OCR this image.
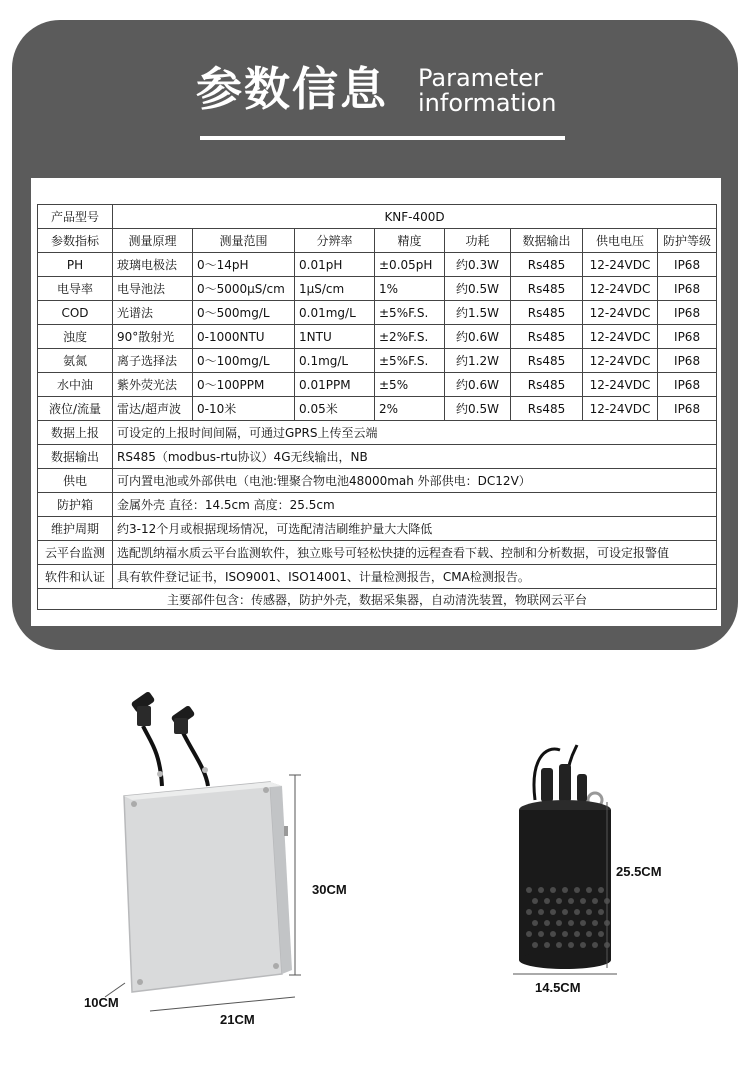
参数信息 Parameter
information
产品型号	KNF-400D							
参数指标	测量原理	测量范围	分辨率	精度	功耗	数据输出	供电电压	防护等级
PH	玻璃电极法	0～14pH	0.01pH	±0.05pH	约0.3W	Rs485	12-24VDC	IP68
电导率	电导池法	0～5000μS/cm	1μS/cm	1%	约0.5W	Rs485	12-24VDC	IP68
COD	光谱法	0～500mg/L	0.01mg/L	±5%F.S.	约1.5W	Rs485	12-24VDC	IP68
浊度	90°散射光	0-1000NTU	1NTU	±2%F.S.	约0.6W	Rs485	12-24VDC	IP68
氨氮	离子选择法	0～100mg/L	0.1mg/L	±5%F.S.	约1.2W	Rs485	12-24VDC	IP68
水中油	紫外荧光法	0～100PPM	0.01PPM	±5%	约0.6W	Rs485	12-24VDC	IP68
液位/流量	雷达/超声波	0-10米	0.05米	2%	约0.5W	Rs485	12-24VDC	IP68
数据上报	可设定的上报时间间隔，可通过GPRS上传至云端							
数据输出	RS485（modbus-rtu协议）4G无线输出，NB							
供电	可内置电池或外部供电（电池:锂聚合物电池48000mah 外部供电：DC12V）							
防护箱	金属外壳 直径：14.5cm 高度：25.5cm							
维护周期	约3-12个月或根据现场情况，可选配清洁刷维护量大大降低							
云平台监测	选配凯纳福水质云平台监测软件，独立账号可轻松快捷的远程查看下载、控制和分析数据，可设定报警值							
软件和认证	具有软件登记证书，ISO9001、ISO14001、计量检测报告，CMA检测报告。							
主要部件包含：传感器，防护外壳，数据采集器，自动清洗装置，物联网云平台								
30CM
10CM
21CM
25.5CM
14.5CM
